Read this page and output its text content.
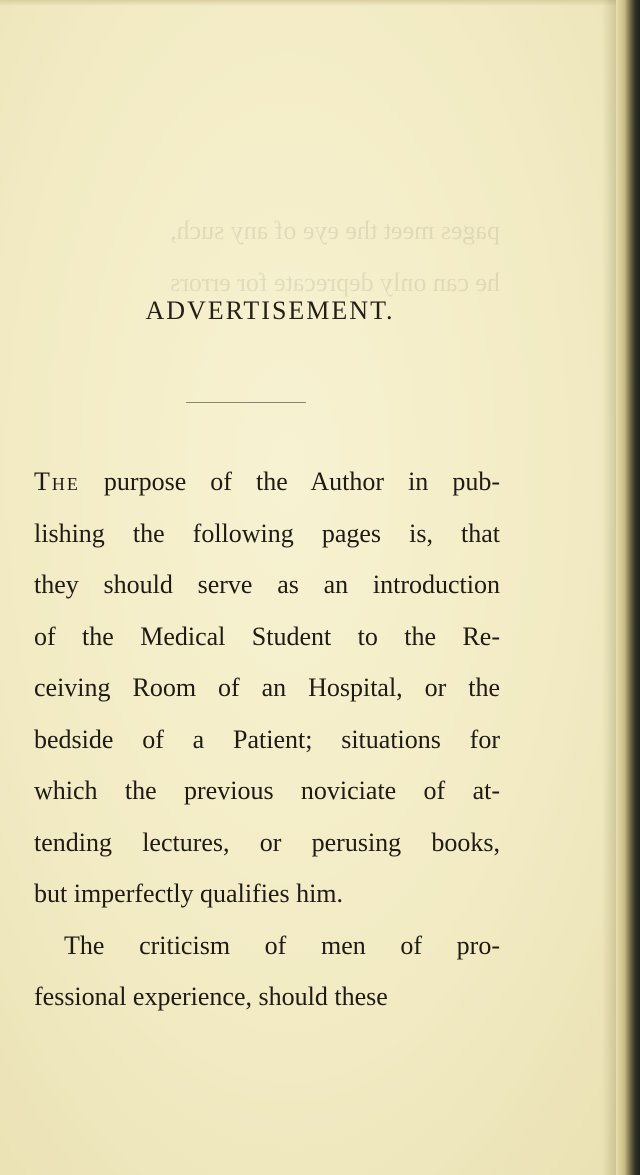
pages meet the eye of any such,
he can only deprecate for errors
ADVERTISEMENT.
The purpose of the Author in pub-
lishing the following pages is, that
they should serve as an introduction
of the Medical Student to the Re-
ceiving Room of an Hospital, or the
bedside of a Patient; situations for
which the previous noviciate of at-
tending lectures, or perusing books,
but imperfectly qualifies him.
The criticism of men of pro-
fessional experience, should these
